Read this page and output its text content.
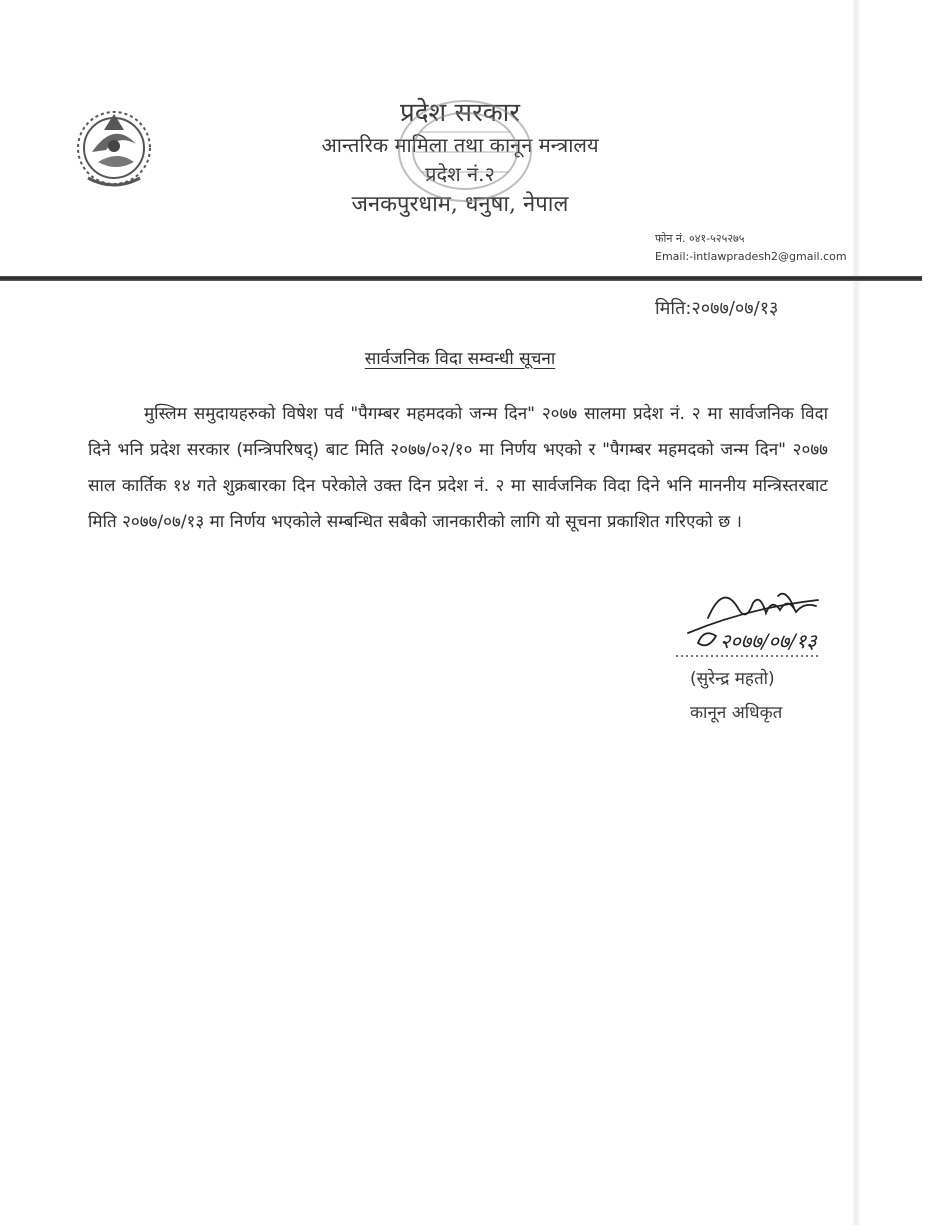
प्रदेश सरकार
आन्तरिक मामिला तथा कानून मन्त्रालय
प्रदेश नं.२
जनकपुरधाम, धनुषा, नेपाल
फोन नं. ०४१-५२५२७५
Email:-intlawpradesh2@gmail.com
मिति:२०७७/०७/१३
सार्वजनिक विदा सम्वन्धी सूचना

मुस्लिम समुदायहरुको विषेश पर्व "पैगम्बर महमदको जन्म दिन" २०७७ सालमा प्रदेश नं. २ मा सार्वजनिक विदा दिने भनि प्रदेश सरकार (मन्त्रिपरिषद्) बाट मिति २०७७/०२/१० मा निर्णय भएको र "पैगम्बर महमदको जन्म दिन" २०७७ साल कार्तिक १४ गते शुक्रबारका दिन परेकोले उक्त दिन प्रदेश नं. २ मा सार्वजनिक विदा दिने भनि माननीय मन्त्रिस्तरबाट मिति २०७७/०७/१३ मा निर्णय भएकोले सम्बन्धित सबैको जानकारीको लागि यो सूचना प्रकाशित गरिएको छ ।

२०७७/०७/१३
(सुरेन्द्र महतो)
कानून अधिकृत
